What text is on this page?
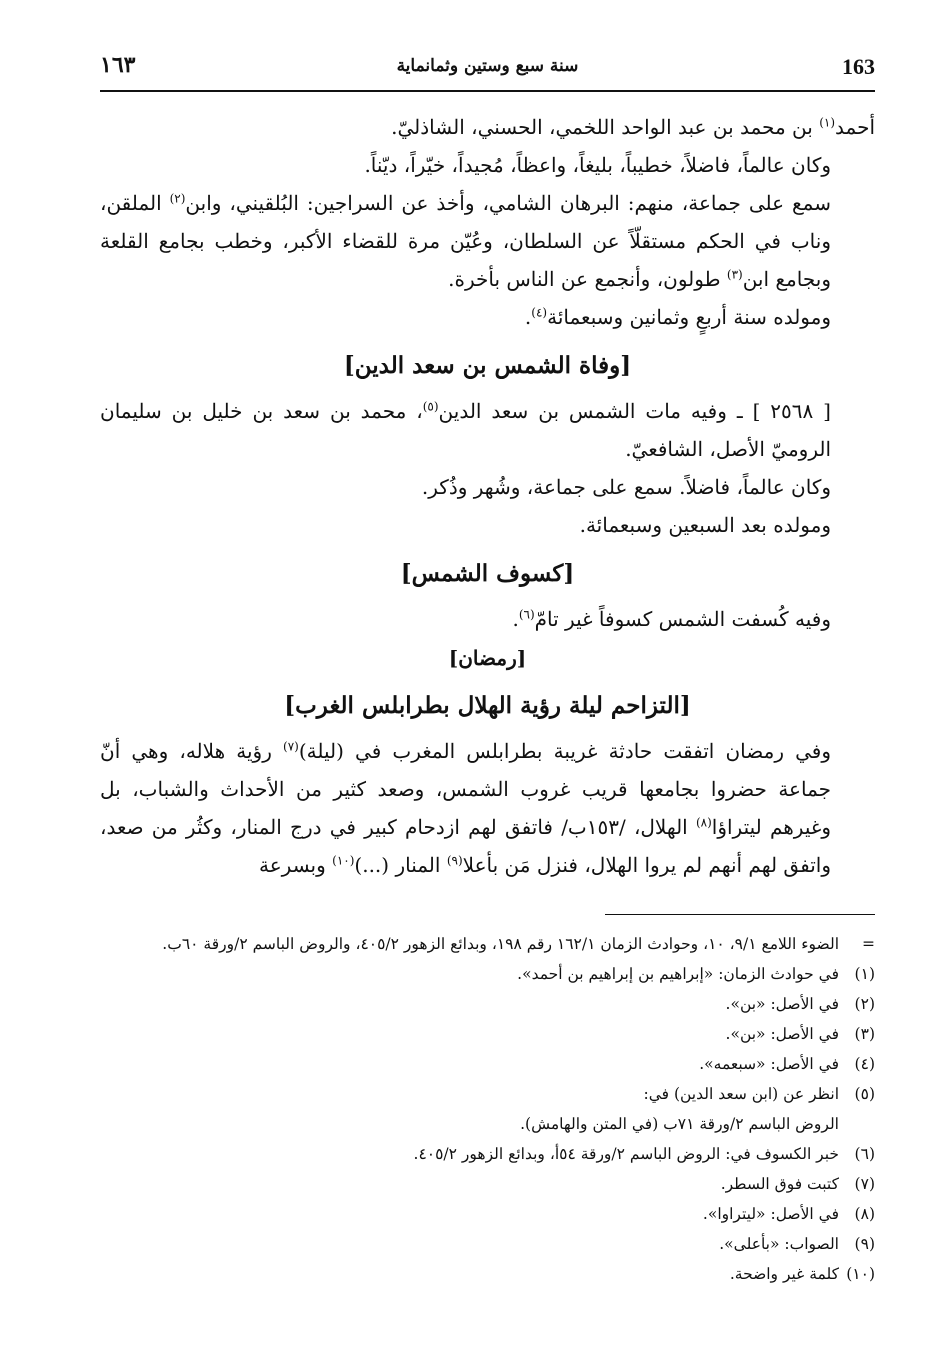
163
سنة سبع وستين وثمانماية
١٦٣

أحمد$^{(١)}$ بن محمد بن عبد الواحد اللخمي، الحسني، الشاذليّ.

وكان عالماً، فاضلاً، خطيباً، بليغاً، واعظاً، مُجيداً، خيّراً، ديّناً.

سمع على جماعة، منهم: البرهان الشامي، وأخذ عن السراجين: البُلقيني، وابن$^{(٢)}$ الملقن، وناب في الحكم مستقلّاً عن السلطان، وعُيّن مرة للقضاء الأكبر، وخطب بجامع القلعة وبجامع ابن$^{(٣)}$ طولون، وأنجمع عن الناس بأخرة.

ومولده سنة أربعٍ وثمانين وسبعمائة$^{(٤)}$.

[وفاة الشمس بن سعد الدين]

[ ٢٥٦٨ ] ـ وفيه مات الشمس بن سعد الدين$^{(٥)}$، محمد بن سعد بن خليل بن سليمان الروميّ الأصل، الشافعيّ.

وكان عالماً، فاضلاً. سمع على جماعة، وشُهر وذُكر.

ومولده بعد السبعين وسبعمائة.

[كسوف الشمس]

وفيه كُسفت الشمس كسوفاً غير تامّ$^{(٦)}$.

[رمضان]
[التزاحم ليلة رؤية الهلال بطرابلس الغرب]

وفي رمضان اتفقت حادثة غريبة بطرابلس المغرب في (ليلة)$^{(٧)}$ رؤية هلاله، وهي أنّ جماعة حضروا بجامعها قريب غروب الشمس، وصعد كثير من الأحداث والشباب، بل وغيرهم ليتراؤا$^{(٨)}$ الهلال، /١٥٣ب/ فاتفق لهم ازدحام كبير في درج المنار، وكثُر من صعد، واتفق لهم أنهم لم يروا الهلال، فنزل مَن بأعلا$^{(٩)}$ المنار (...)$^{(١٠)}$ وبسرعة

=الضوء اللامع ٩/١، ١٠، وحوادث الزمان ١٦٢/١ رقم ١٩٨، وبدائع الزهور ٤٠٥/٢، والروض الباسم ٢/ورقة ٦٠ب.

(١)في حوادث الزمان: «إبراهيم بن إبراهيم بن أحمد».

(٢)في الأصل: «بن».

(٣)في الأصل: «بن».

(٤)في الأصل: «سبعمه».

(٥)انظر عن (ابن سعد الدين) في:

الروض الباسم ٢/ورقة ٧١ب (في المتن والهامش).

(٦)خبر الكسوف في: الروض الباسم ٢/ورقة ٥٤أ، وبدائع الزهور ٤٠٥/٢.

(٧)كتبت فوق السطر.

(٨)في الأصل: «ليتراوا».

(٩)الصواب: «بأعلى».

(١٠)كلمة غير واضحة.
